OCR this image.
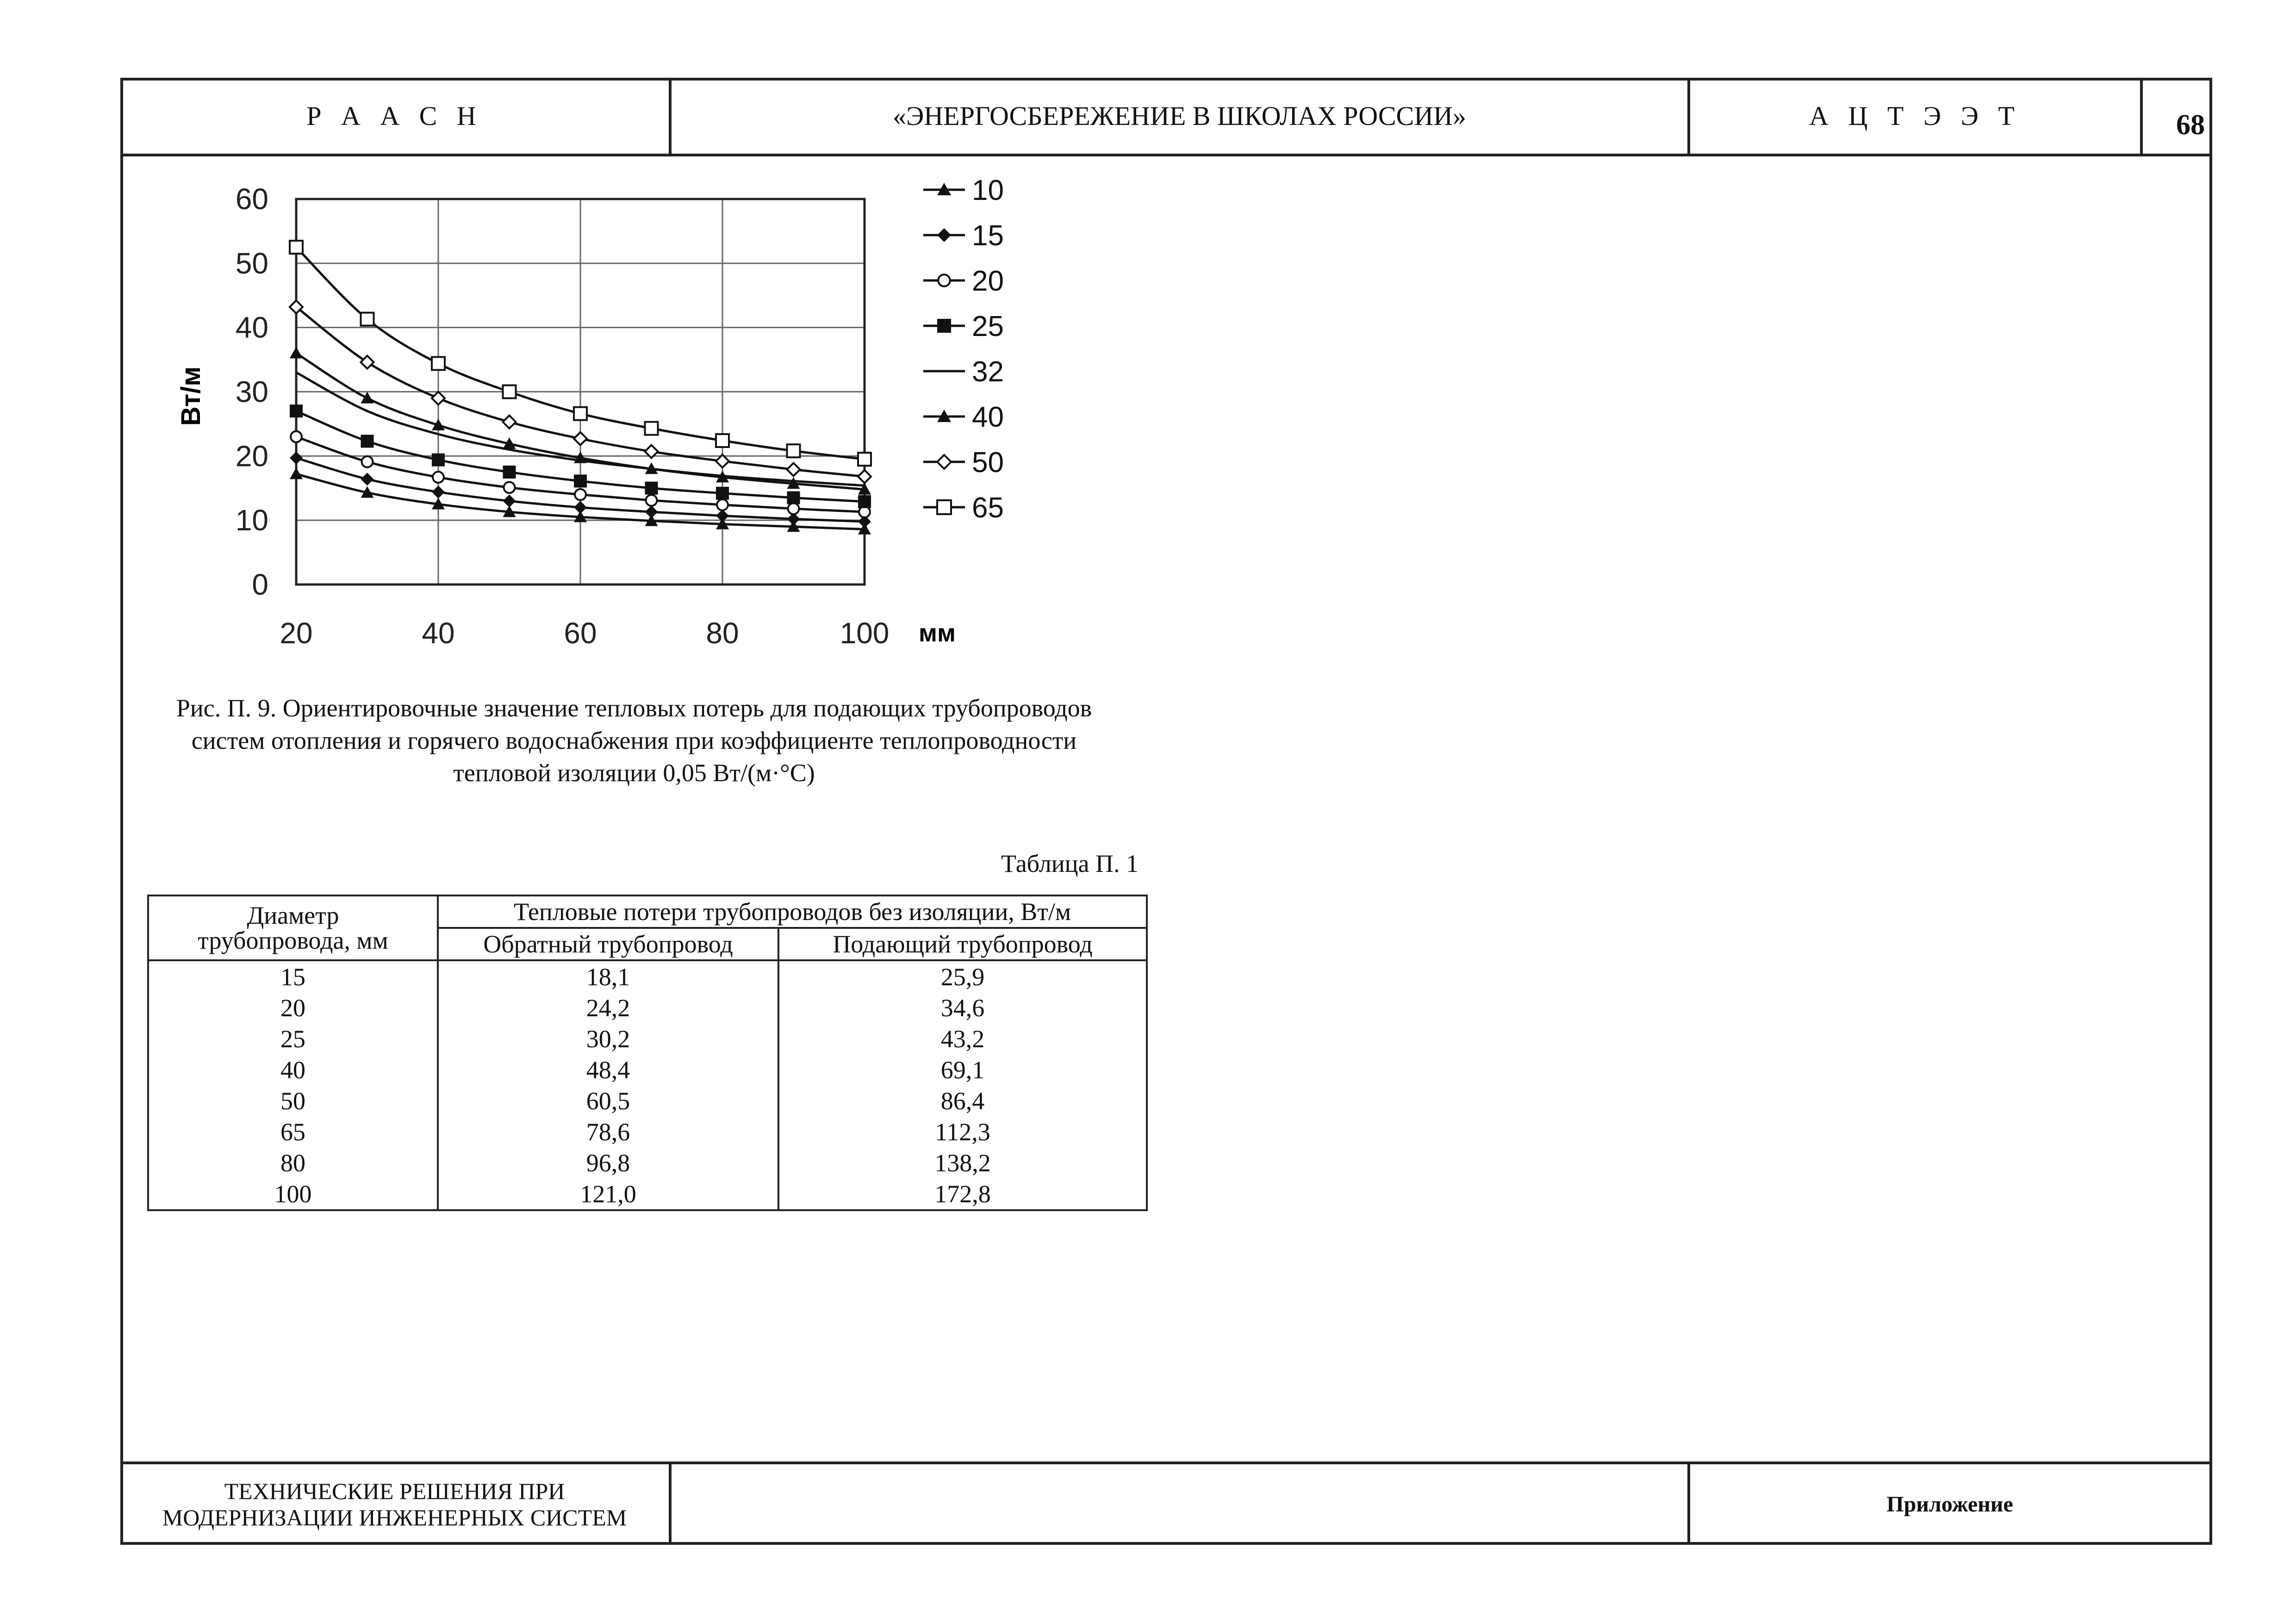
Р А А С Н	«ЭНЕРГОСБЕРЕЖЕНИЕ В ШКОЛАХ РОССИИ»	А Ц Т Э Э Т	68
0
10
20
30
40
50
60
20	40	60	80	100
Вт/м
мм
10
15
20
25
32
40
50
65
Рис. П. 9. Ориентировочные значение тепловых потерь для подающих трубопроводов
систем отопления и горячего водоснабжения при коэффициенте теплопроводности
тепловой изоляции 0,05 Вт/(м·°С)
Таблица П. 1
Диаметр
трубопровода, мм	Тепловые потери трубопроводов без изоляции, Вт/м	
	Обратный трубопровод	Подающий трубопровод
15	18,1	25,9
20	24,2	34,6
25	30,2	43,2
40	48,4	69,1
50	60,5	86,4
65	78,6	112,3
80	96,8	138,2
100	121,0	172,8
ТЕХНИЧЕСКИЕ РЕШЕНИЯ ПРИ
МОДЕРНИЗАЦИИ ИНЖЕНЕРНЫХ СИСТЕМ
Приложение
